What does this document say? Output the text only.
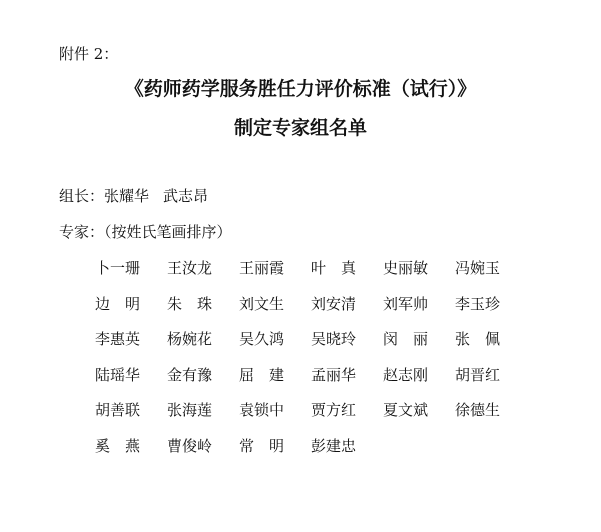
附件 2：
《药师药学服务胜任力评价标准（试行）》
制定专家组名单
组长：张耀华 武志昂
专家：（按姓氏笔画排序）
卜一珊	王汝龙	王丽霞	叶　真	史丽敏	冯婉玉
边　明	朱　珠	刘文生	刘安清	刘军帅	李玉珍
李惠英	杨婉花	吴久鸿	吴晓玲	闵　丽	张　佩
陆瑶华	金有豫	屈　建	孟丽华	赵志刚	胡晋红
胡善联	张海莲	袁锁中	贾方红	夏文斌	徐德生
奚　燕	曹俊岭	常　明	彭建忠
